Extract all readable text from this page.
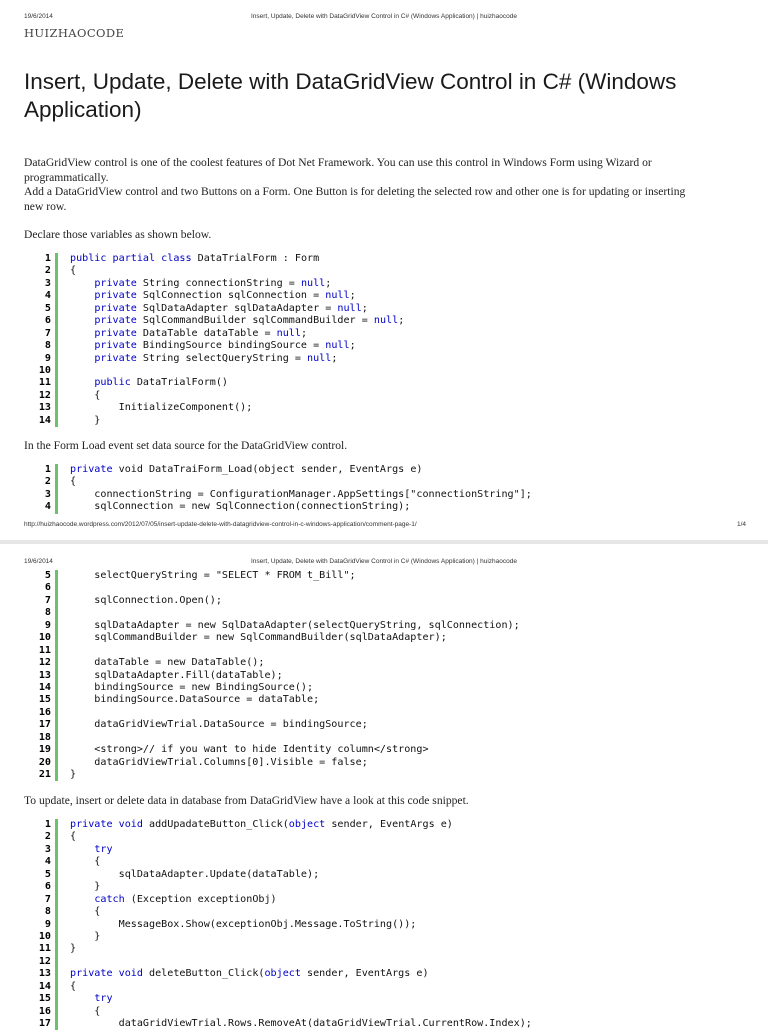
19/6/2014	Insert, Update, Delete with DataGridView Control in C# (Windows Application) | huizhaocode
HUIZHAOCODE
Insert, Update, Delete with DataGridView Control in C# (Windows Application)
DataGridView control is one of the coolest features of Dot Net Framework. You can use this control in Windows Form using Wizard or
programmatically.
Add a DataGridView control and two Buttons on a Form. One Button is for deleting the selected row and other one is for updating or inserting
new row.
Declare those variables as shown below.
1 public partial class DataTrialForm : Form
2 {
3	private String connectionString = null;
4	private SqlConnection sqlConnection = null;
5	private SqlDataAdapter sqlDataAdapter = null;
6	private SqlCommandBuilder sqlCommandBuilder = null;
7	private DataTable dataTable = null;
8	private BindingSource bindingSource = null;
9	private String selectQueryString = null;
10
11	public DataTrialForm()
12 {
13 InitializeComponent();
14 }
In the Form Load event set data source for the DataGridView control.
1 private void DataTraiForm_Load(object sender, EventArgs e)
2 {
3 connectionString = ConfigurationManager.AppSettings["connectionString"];
4 sqlConnection = new SqlConnection(connectionString);
http://huizhaocode.wordpress.com/2012/07/05/insert-update-delete-with-datagridview-control-in-c-windows-application/comment-page-1/	1/4
19/6/2014	Insert, Update, Delete with DataGridView Control in C# (Windows Application) | huizhaocode
5 selectQueryString = "SELECT * FROM t_Bill";
6
7 sqlConnection.Open();
8
9 sqlDataAdapter = new SqlDataAdapter(selectQueryString, sqlConnection);
10 sqlCommandBuilder = new SqlCommandBuilder(sqlDataAdapter);
11
12 dataTable = new DataTable();
13 sqlDataAdapter.Fill(dataTable);
14 bindingSource = new BindingSource();
15 bindingSource.DataSource = dataTable;
16
17 dataGridViewTrial.DataSource = bindingSource;
18
19 <strong>// if you want to hide Identity column</strong>
20 dataGridViewTrial.Columns[0].Visible = false;
21 }
To update, insert or delete data in database from DataGridView have a look at this code snippet.
1 private void addUpadateButton_Click(object sender, EventArgs e)
2 {
3	try
4 {
5 sqlDataAdapter.Update(dataTable);
6 }
7	catch (Exception exceptionObj)
8 {
9 MessageBox.Show(exceptionObj.Message.ToString());
10 }
11 }
12
13 private void deleteButton_Click(object sender, EventArgs e)
14 {
15	try
16 {
17 dataGridViewTrial.Rows.RemoveAt(dataGridViewTrial.CurrentRow.Index);
